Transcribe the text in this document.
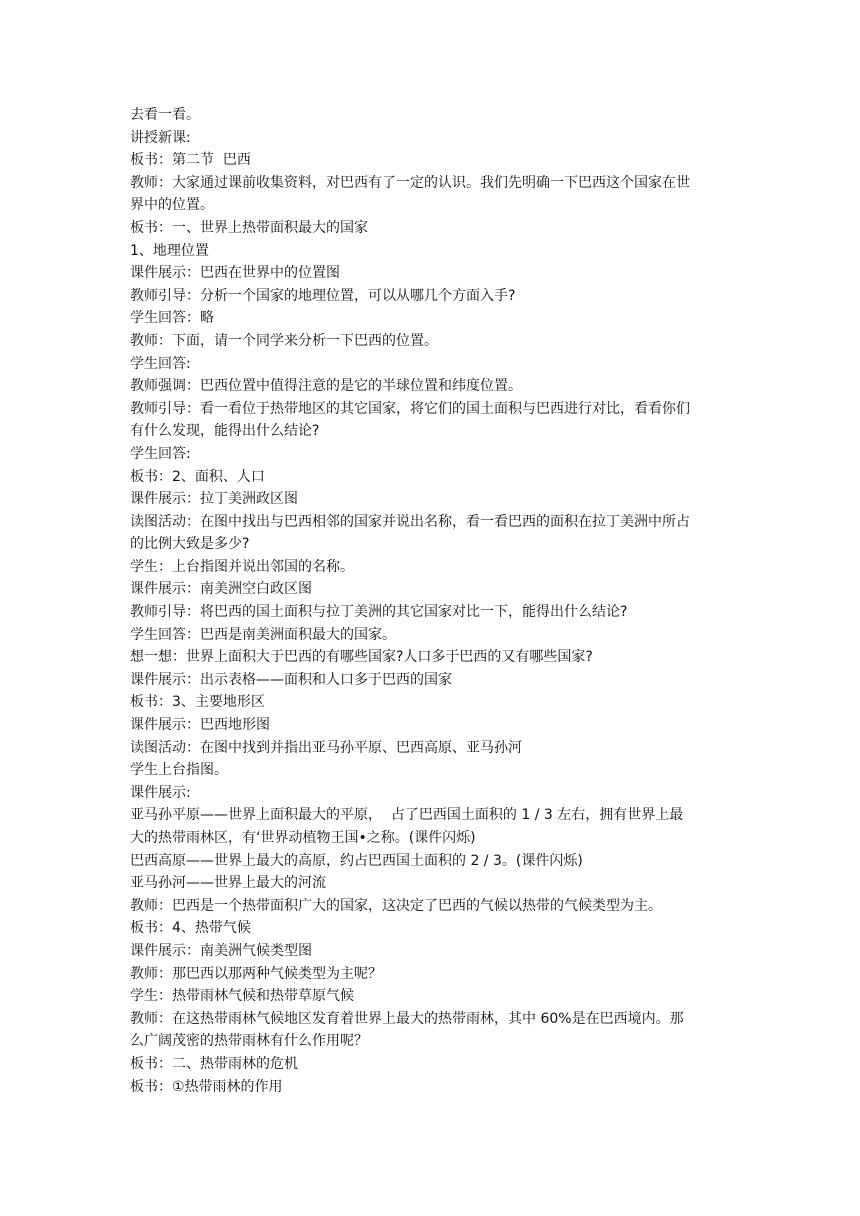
去看一看。
讲授新课:
板书：第二节  巴西
教师：大家通过课前收集资料，对巴西有了一定的认识。我们先明确一下巴西这个国家在世
界中的位置。
板书：一、世界上热带面积最大的国家
1、地理位置
课件展示：巴西在世界中的位置图
教师引导：分析一个国家的地理位置，可以从哪几个方面入手?
学生回答：略
教师：下面，请一个同学来分析一下巴西的位置。
学生回答:
教师强调：巴西位置中值得注意的是它的半球位置和纬度位置。
教师引导：看一看位于热带地区的其它国家，将它们的国土面积与巴西进行对比，看看你们
有什么发现，能得出什么结论?
学生回答:
板书：2、面积、人口
课件展示：拉丁美洲政区图
读图活动：在图中找出与巴西相邻的国家并说出名称，看一看巴西的面积在拉丁美洲中所占
的比例大致是多少?
学生：上台指图并说出邻国的名称。
课件展示：南美洲空白政区图
教师引导：将巴西的国土面积与拉丁美洲的其它国家对比一下，能得出什么结论?
学生回答：巴西是南美洲面积最大的国家。
想一想：世界上面积大于巴西的有哪些国家?人口多于巴西的又有哪些国家?
课件展示：出示表格——面积和人口多于巴西的国家
板书：3、主要地形区
课件展示：巴西地形图
读图活动：在图中找到并指出亚马孙平原、巴西高原、亚马孙河
学生上台指图。
课件展示:
亚马孙平原——世界上面积最大的平原，  占了巴西国土面积的 1 / 3 左右，拥有世界上最
大的热带雨林区，有‘世界动植物王国•之称。(课件闪烁)
巴西高原——世界上最大的高原，约占巴西国土面积的 2 / 3。(课件闪烁)
亚马孙河——世界上最大的河流
教师：巴西是一个热带面积广大的国家，这决定了巴西的气候以热带的气候类型为主。
板书：4、热带气候
课件展示：南美洲气候类型图
教师：那巴西以那两种气候类型为主呢？
学生：热带雨林气候和热带草原气候
教师：在这热带雨林气候地区发育着世界上最大的热带雨林，其中 60%是在巴西境内。那
么广阔茂密的热带雨林有什么作用呢？
板书：二、热带雨林的危机
板书：①热带雨林的作用
